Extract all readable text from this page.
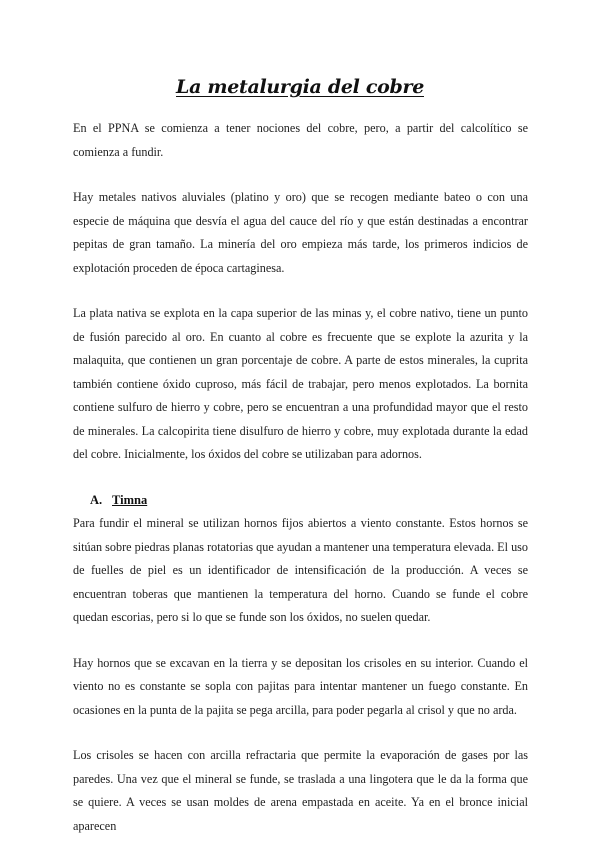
La metalurgia del cobre

En el PPNA se comienza a tener nociones del cobre, pero, a partir del calcolítico se comienza a fundir.

Hay metales nativos aluviales (platino y oro) que se recogen mediante bateo o con una especie de máquina que desvía el agua del cauce del río y que están destinadas a encontrar pepitas de gran tamaño. La minería del oro empieza más tarde, los primeros indicios de explotación proceden de época cartaginesa.

La plata nativa se explota en la capa superior de las minas y, el cobre nativo, tiene un punto de fusión parecido al oro. En cuanto al cobre es frecuente que se explote la azurita y la malaquita, que contienen un gran porcentaje de cobre. A parte de estos minerales, la cuprita también contiene óxido cuproso, más fácil de trabajar, pero menos explotados. La bornita contiene sulfuro de hierro y cobre, pero se encuentran a una profundidad mayor que el resto de minerales. La calcopirita tiene disulfuro de hierro y cobre, muy explotada durante la edad del cobre. Inicialmente, los óxidos del cobre se utilizaban para adornos.

A. Timna

Para fundir el mineral se utilizan hornos fijos abiertos a viento constante. Estos hornos se sitúan sobre piedras planas rotatorias que ayudan a mantener una temperatura elevada. El uso de fuelles de piel es un identificador de intensificación de la producción. A veces se encuentran toberas que mantienen la temperatura del horno. Cuando se funde el cobre quedan escorias, pero si lo que se funde son los óxidos, no suelen quedar.

Hay hornos que se excavan en la tierra y se depositan los crisoles en su interior. Cuando el viento no es constante se sopla con pajitas para intentar mantener un fuego constante. En ocasiones en la punta de la pajita se pega arcilla, para poder pegarla al crisol y que no arda.

Los crisoles se hacen con arcilla refractaria que permite la evaporación de gases por las paredes. Una vez que el mineral se funde, se traslada a una lingotera que le da la forma que se quiere. A veces se usan moldes de arena empastada en aceite. Ya en el bronce inicial aparecen
